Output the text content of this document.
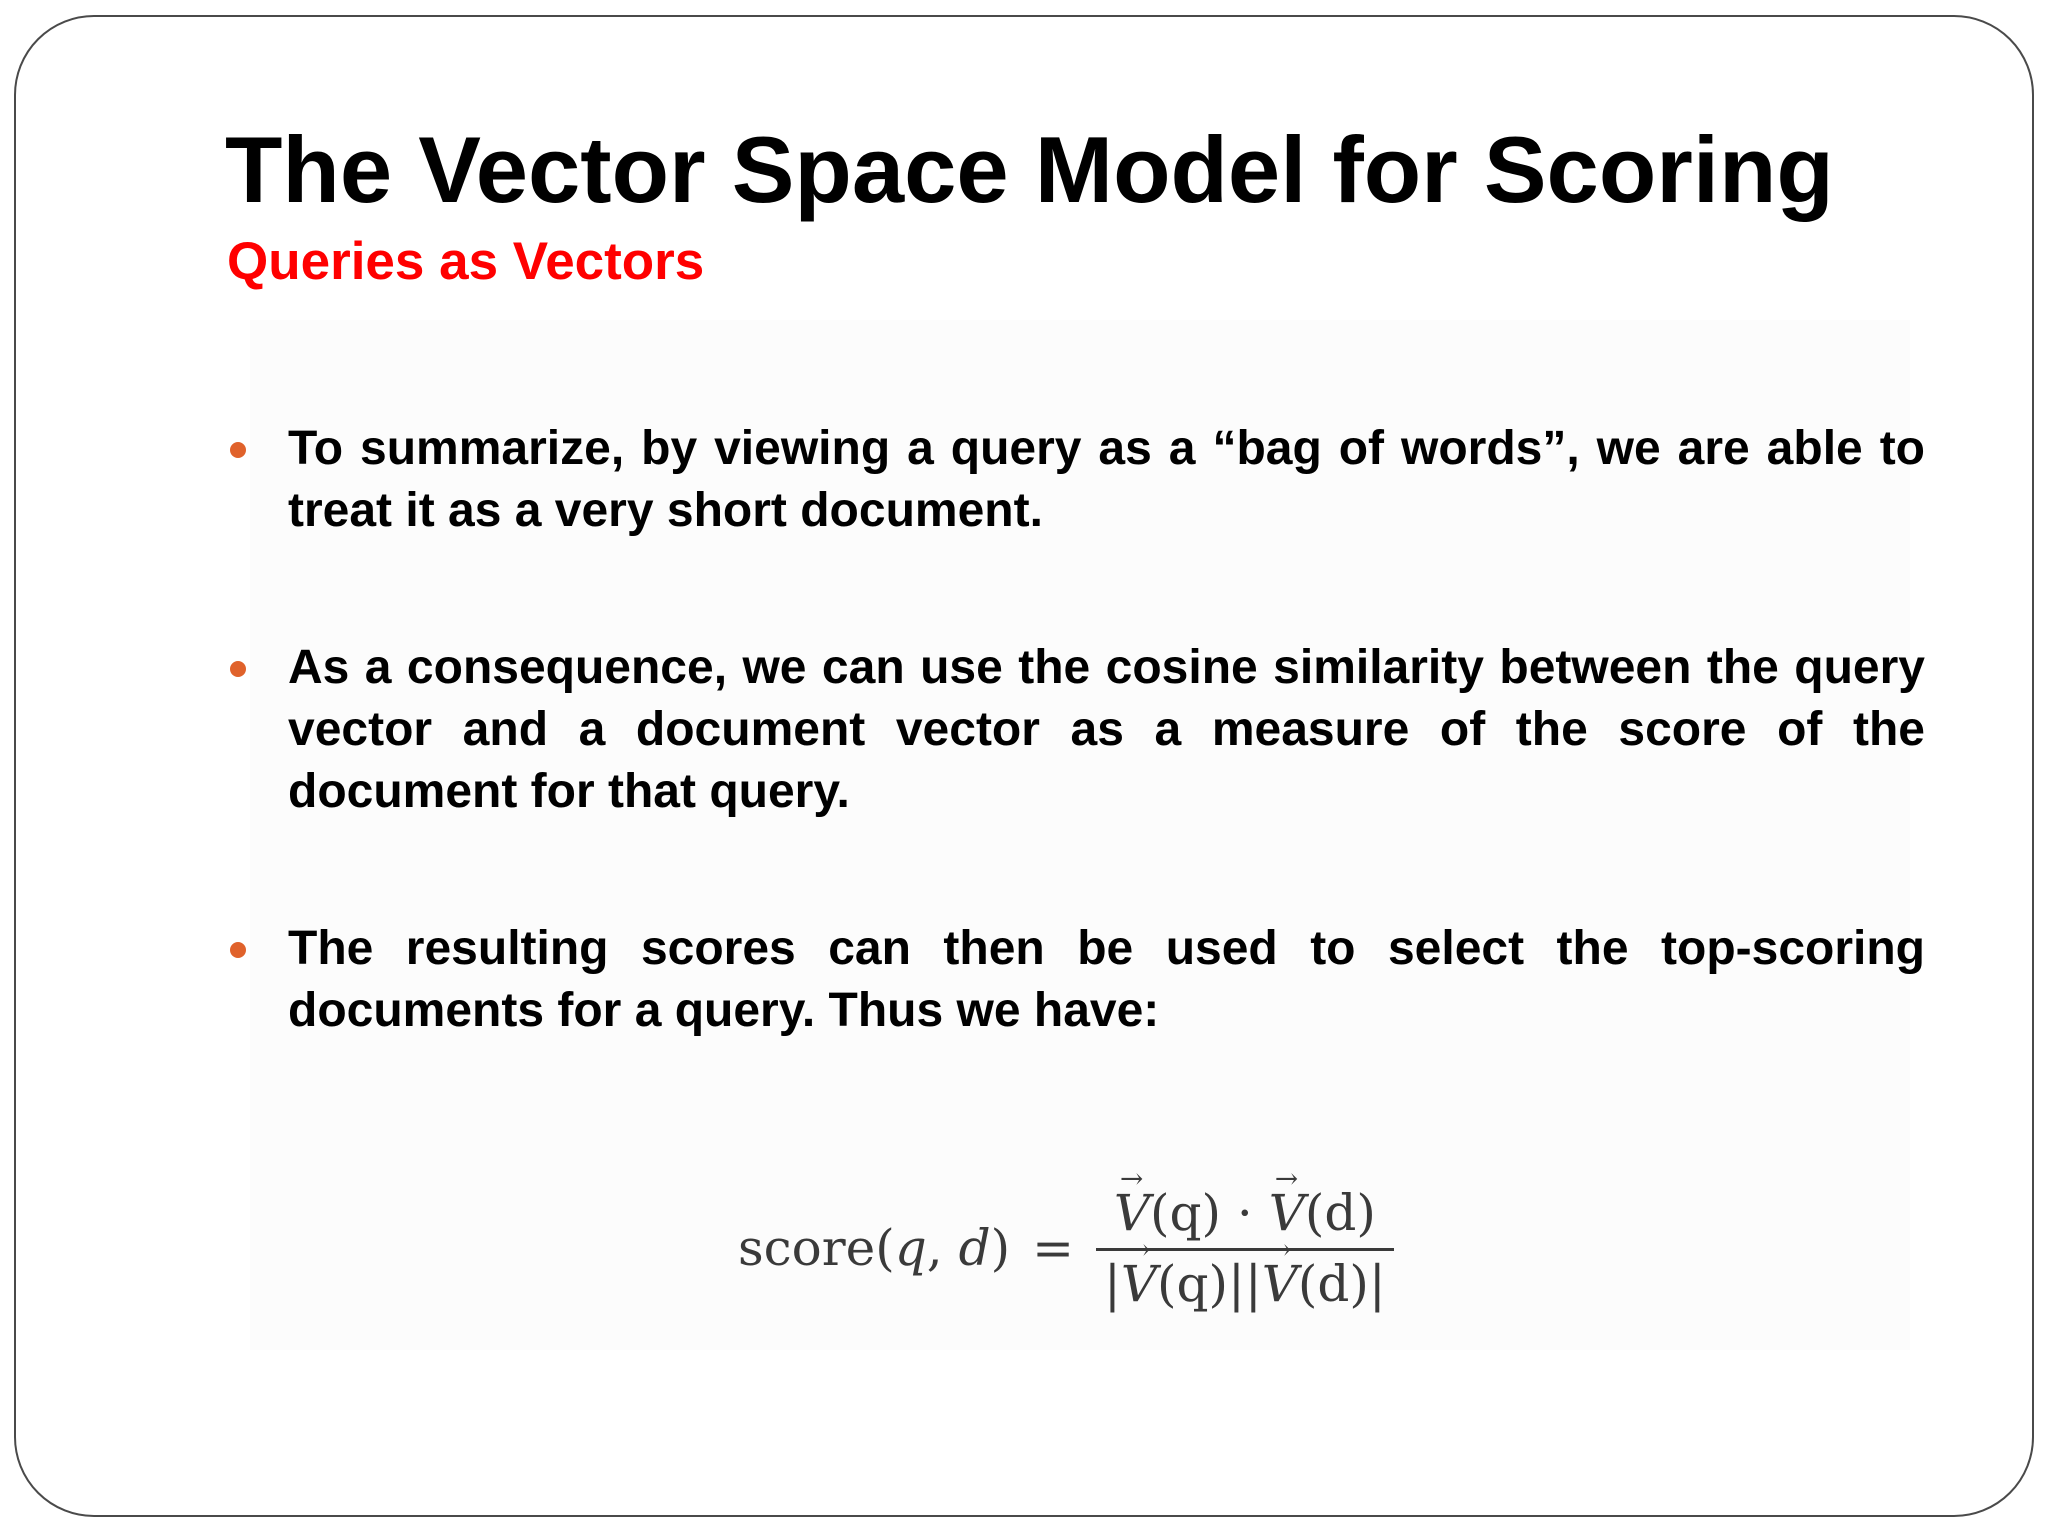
The Vector Space Model for Scoring
Queries as Vectors

To summarize, by viewing a query as a “bag of words”, we are able to treat it as a very short document.

As a consequence, we can use the cosine similarity between the query vector and a document vector as a measure of the score of the document for that query.

The resulting scores can then be used to select the top-scoring documents for a query. Thus we have:

score(q, d) =
→ $\frac{V(q) \cdot \to V(d)}{|\to V(q)||\to V(d)|}$
